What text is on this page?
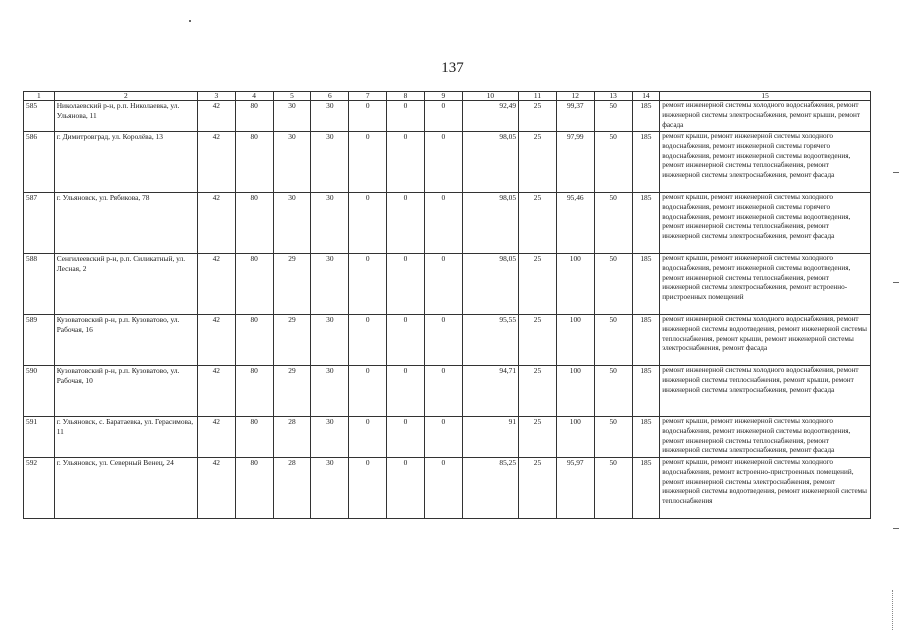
137
1	2	3	4	5	6	7	8	9	10	11	12	13	14	15
585	Николаевский р-н, р.п. Николаевка, ул. Ульянова, 11	42	80	30	30	0	0	0	92,49	25	99,37	50	185	ремонт инженерной системы холодного водоснабжения, ремонт инженерной системы электроснабжения, ремонт крыши, ремонт фасада
586	г. Димитровград, ул. Королёва, 13	42	80	30	30	0	0	0	98,05	25	97,99	50	185	ремонт крыши, ремонт инженерной системы холодного водоснабжения, ремонт инженерной системы горячего водоснабжения, ремонт инженерной системы водоотведения, ремонт инженерной системы теплоснабжения, ремонт инженерной системы электроснабжения, ремонт фасада
587	г. Ульяновск, ул. Рябикова, 78	42	80	30	30	0	0	0	98,05	25	95,46	50	185	ремонт крыши, ремонт инженерной системы холодного водоснабжения, ремонт инженерной системы горячего водоснабжения, ремонт инженерной системы водоотведения, ремонт инженерной системы теплоснабжения, ремонт инженерной системы электроснабжения, ремонт фасада
588	Сенгилеевский р-н, р.п. Силикатный, ул. Лесная, 2	42	80	29	30	0	0	0	98,05	25	100	50	185	ремонт крыши, ремонт инженерной системы холодного водоснабжения, ремонт инженерной системы водоотведения, ремонт инженерной системы теплоснабжения, ремонт инженерной системы электроснабжения, ремонт встроенно-пристроенных помещений
589	Кузоватовский р-н, р.п. Кузоватово, ул. Рабочая, 16	42	80	29	30	0	0	0	95,55	25	100	50	185	ремонт инженерной системы холодного водоснабжения, ремонт инженерной системы водоотведения, ремонт инженерной системы теплоснабжения, ремонт крыши, ремонт инженерной системы электроснабжения, ремонт фасада
590	Кузоватовский р-н, р.п. Кузоватово, ул. Рабочая, 10	42	80	29	30	0	0	0	94,71	25	100	50	185	ремонт инженерной системы холодного водоснабжения, ремонт инженерной системы теплоснабжения, ремонт крыши, ремонт инженерной системы электроснабжения, ремонт фасада
591	г. Ульяновск, с. Баратаевка, ул. Герасимова, 11	42	80	28	30	0	0	0	91	25	100	50	185	ремонт крыши, ремонт инженерной системы холодного водоснабжения, ремонт инженерной системы водоотведения, ремонт инженерной системы теплоснабжения, ремонт инженерной системы электроснабжения, ремонт фасада
592	г. Ульяновск, ул. Северный Венец, 24	42	80	28	30	0	0	0	85,25	25	95,97	50	185	ремонт крыши, ремонт инженерной системы холодного водоснабжения, ремонт встроенно-пристроенных помещений, ремонт инженерной системы электроснабжения, ремонт инженерной системы водоотведения, ремонт инженерной системы теплоснабжения
